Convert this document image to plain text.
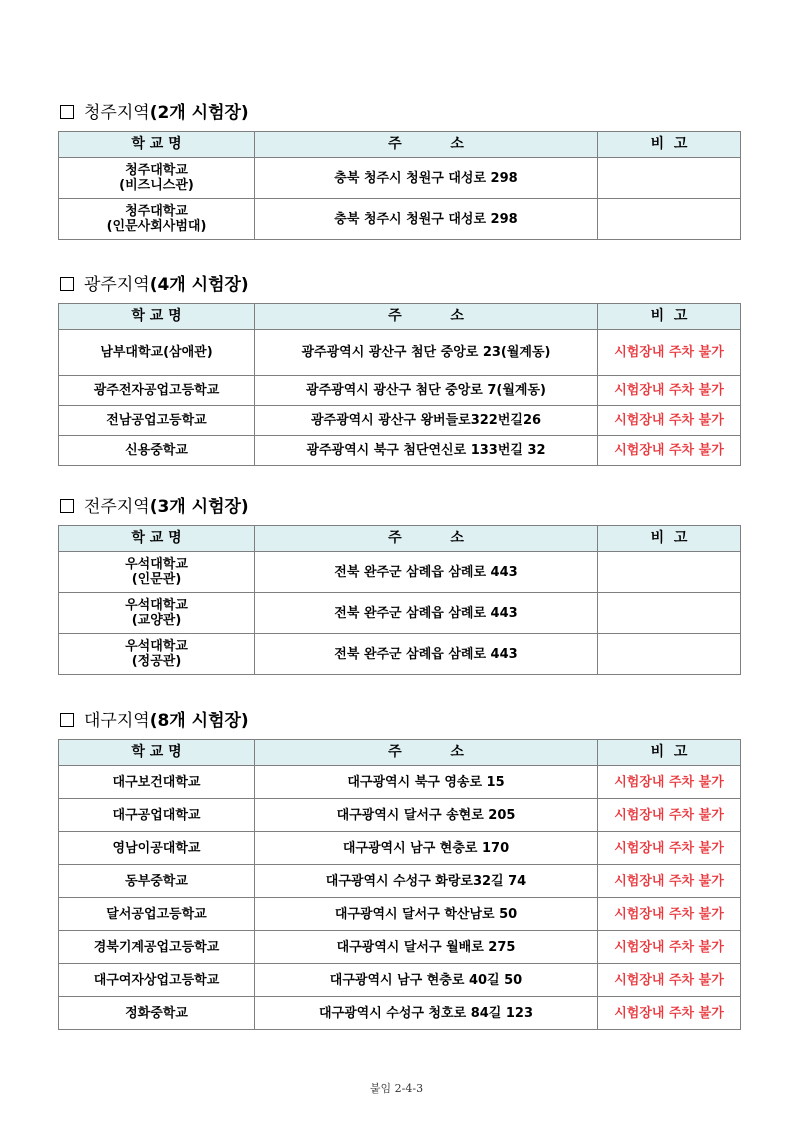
청주지역(2개 시험장)
학 교 명	주          소	비  고
청주대학교
(비즈니스관)	충북 청주시 청원구 대성로 298	
청주대학교
(인문사회사범대)	충북 청주시 청원구 대성로 298	
광주지역(4개 시험장)
학 교 명	주          소	비  고
남부대학교(삼애관)	광주광역시 광산구 첨단 중앙로 23(월계동)	시험장내 주차 불가
광주전자공업고등학교	광주광역시 광산구 첨단 중앙로 7(월계동)	시험장내 주차 불가
전남공업고등학교	광주광역시 광산구 왕버들로322번길26	시험장내 주차 불가
신용중학교	광주광역시 북구 첨단연신로 133번길 32	시험장내 주차 불가
전주지역(3개 시험장)
학 교 명	주          소	비  고
우석대학교
(인문관)	전북 완주군 삼례읍 삼례로 443	
우석대학교
(교양관)	전북 완주군 삼례읍 삼례로 443	
우석대학교
(정공관)	전북 완주군 삼례읍 삼례로 443	
대구지역(8개 시험장)
학 교 명	주          소	비  고
대구보건대학교	대구광역시 북구 영송로 15	시험장내 주차 불가
대구공업대학교	대구광역시 달서구 송현로 205	시험장내 주차 불가
영남이공대학교	대구광역시 남구 현충로 170	시험장내 주차 불가
동부중학교	대구광역시 수성구 화랑로32길 74	시험장내 주차 불가
달서공업고등학교	대구광역시 달서구 학산남로 50	시험장내 주차 불가
경북기계공업고등학교	대구광역시 달서구 월배로 275	시험장내 주차 불가
대구여자상업고등학교	대구광역시 남구 현충로 40길 50	시험장내 주차 불가
정화중학교	대구광역시 수성구 청호로 84길 123	시험장내 주차 불가
붙임 2-4-3
